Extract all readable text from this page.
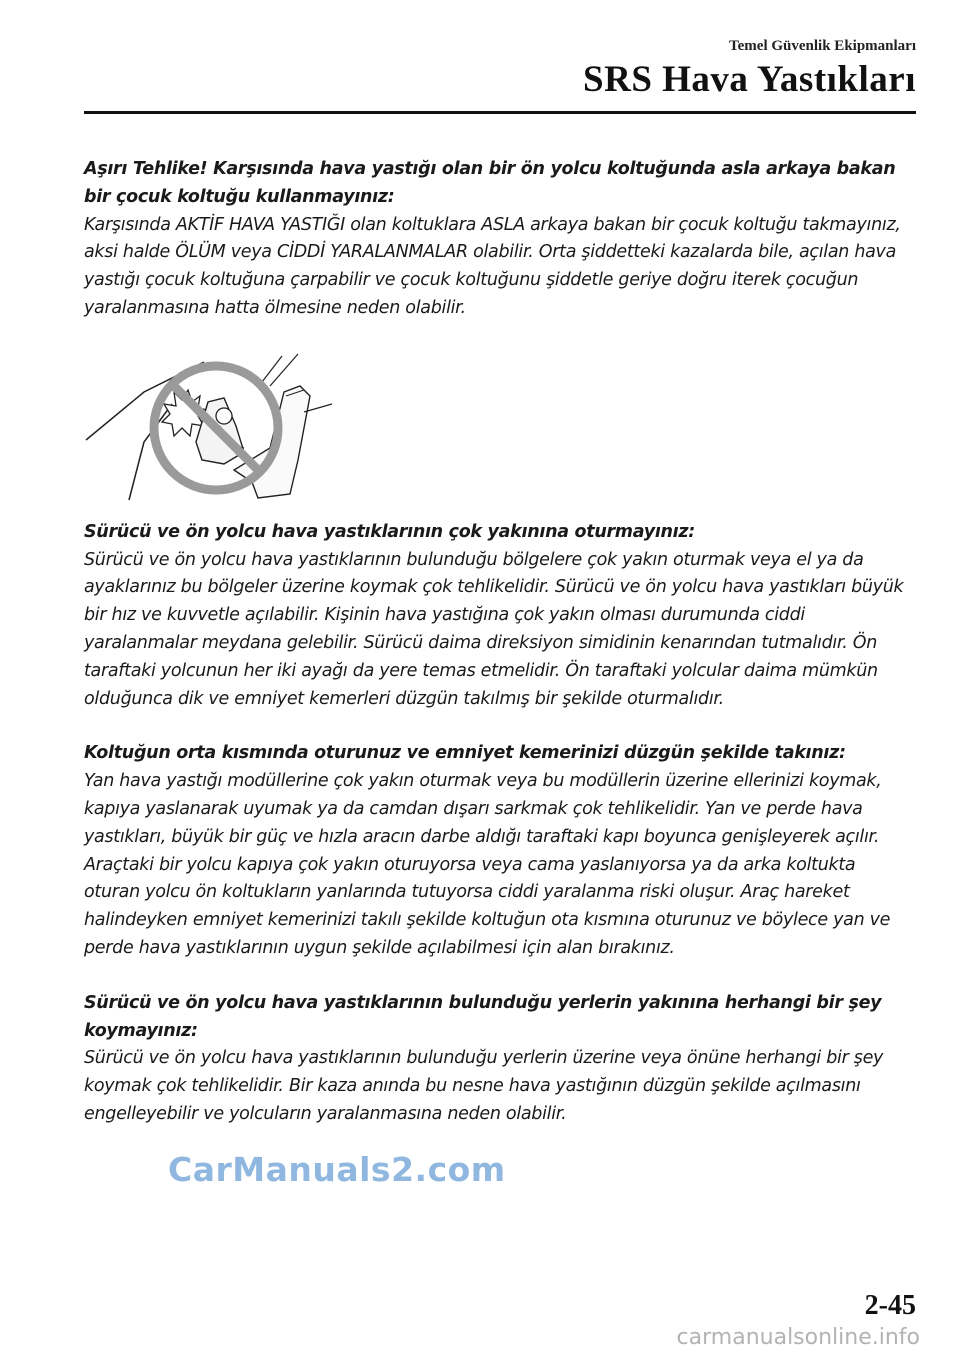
Temel Güvenlik Ekipmanları
SRS Hava Yastıkları

Aşırı Tehlike! Karşısında hava yastığı olan bir ön yolcu koltuğunda asla arkaya bakan bir çocuk koltuğu kullanmayınız:

Karşısında AKTİF HAVA YASTIĞI olan koltuklara ASLA arkaya bakan bir çocuk koltuğu takmayınız, aksi halde ÖLÜM veya CİDDİ YARALANMALAR olabilir. Orta şiddetteki kazalarda bile, açılan hava yastığı çocuk koltuğuna çarpabilir ve çocuk koltuğunu şiddetle geriye doğru iterek çocuğun yaralanmasına hatta ölmesine neden olabilir.

Sürücü ve ön yolcu hava yastıklarının çok yakınına oturmayınız:

Sürücü ve ön yolcu hava yastıklarının bulunduğu bölgelere çok yakın oturmak veya el ya da ayaklarınız bu bölgeler üzerine koymak çok tehlikelidir. Sürücü ve ön yolcu hava yastıkları büyük bir hız ve kuvvetle açılabilir. Kişinin hava yastığına çok yakın olması durumunda ciddi yaralanmalar meydana gelebilir. Sürücü daima direksiyon simidinin kenarından tutmalıdır. Ön taraftaki yolcunun her iki ayağı da yere temas etmelidir. Ön taraftaki yolcular daima mümkün olduğunca dik ve emniyet kemerleri düzgün takılmış bir şekilde oturmalıdır.

Koltuğun orta kısmında oturunuz ve emniyet kemerinizi düzgün şekilde takınız:

Yan hava yastığı modüllerine çok yakın oturmak veya bu modüllerin üzerine ellerinizi koymak, kapıya yaslanarak uyumak ya da camdan dışarı sarkmak çok tehlikelidir. Yan ve perde hava yastıkları, büyük bir güç ve hızla aracın darbe aldığı taraftaki kapı boyunca genişleyerek açılır. Araçtaki bir yolcu kapıya çok yakın oturuyorsa veya cama yaslanıyorsa ya da arka koltukta oturan yolcu ön koltukların yanlarında tutuyorsa ciddi yaralanma riski oluşur. Araç hareket halindeyken emniyet kemerinizi takılı şekilde koltuğun ota kısmına oturunuz ve böylece yan ve perde hava yastıklarının uygun şekilde açılabilmesi için alan bırakınız.

Sürücü ve ön yolcu hava yastıklarının bulunduğu yerlerin yakınına herhangi bir şey koymayınız:

Sürücü ve ön yolcu hava yastıklarının bulunduğu yerlerin üzerine veya önüne herhangi bir şey koymak çok tehlikelidir. Bir kaza anında bu nesne hava yastığının düzgün şekilde açılmasını engelleyebilir ve yolcuların yaralanmasına neden olabilir.

CarManuals2.com
2-45
carmanualsonline.info
